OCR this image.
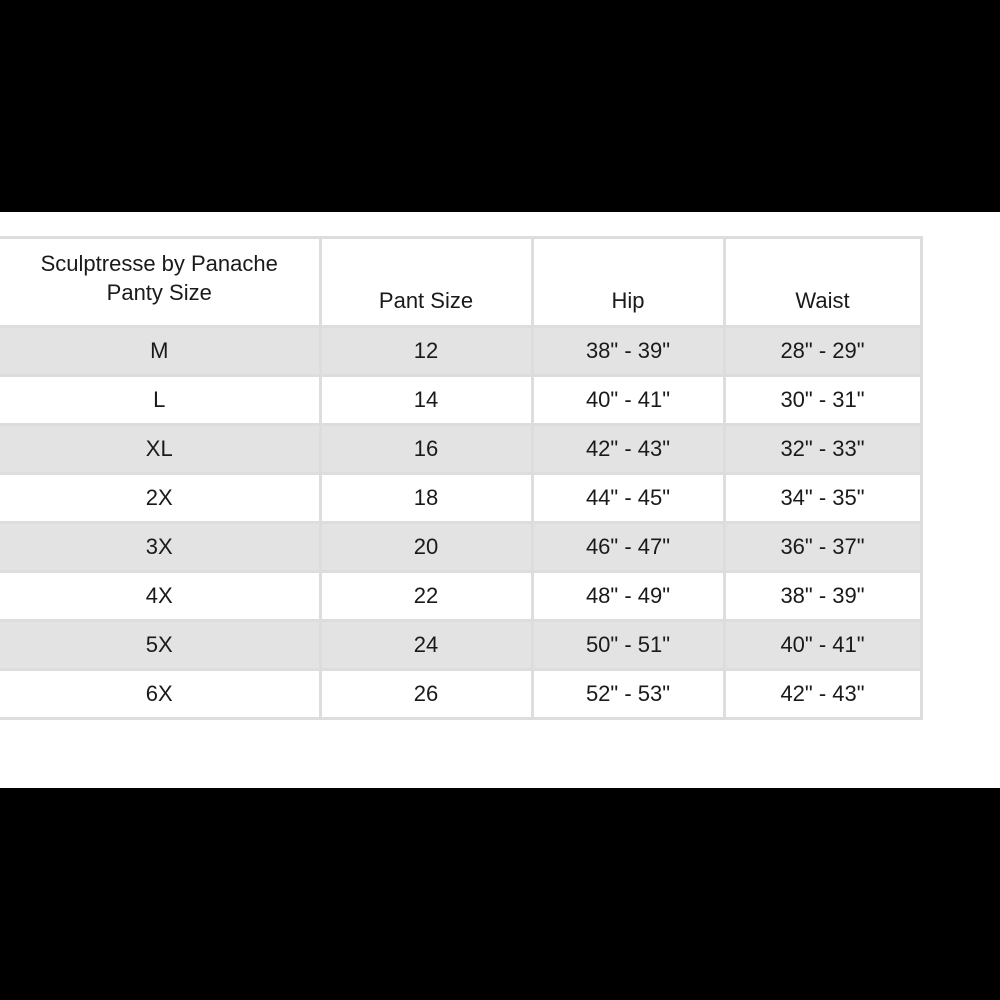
Sculptresse by Panache
Panty Size	Pant Size	Hip	Waist
M	12	38" - 39"	28" - 29"
L	14	40" - 41"	30" - 31"
XL	16	42" - 43"	32" - 33"
2X	18	44" - 45"	34" - 35"
3X	20	46" - 47"	36" - 37"
4X	22	48" - 49"	38" - 39"
5X	24	50" - 51"	40" - 41"
6X	26	52" - 53"	42" - 43"
